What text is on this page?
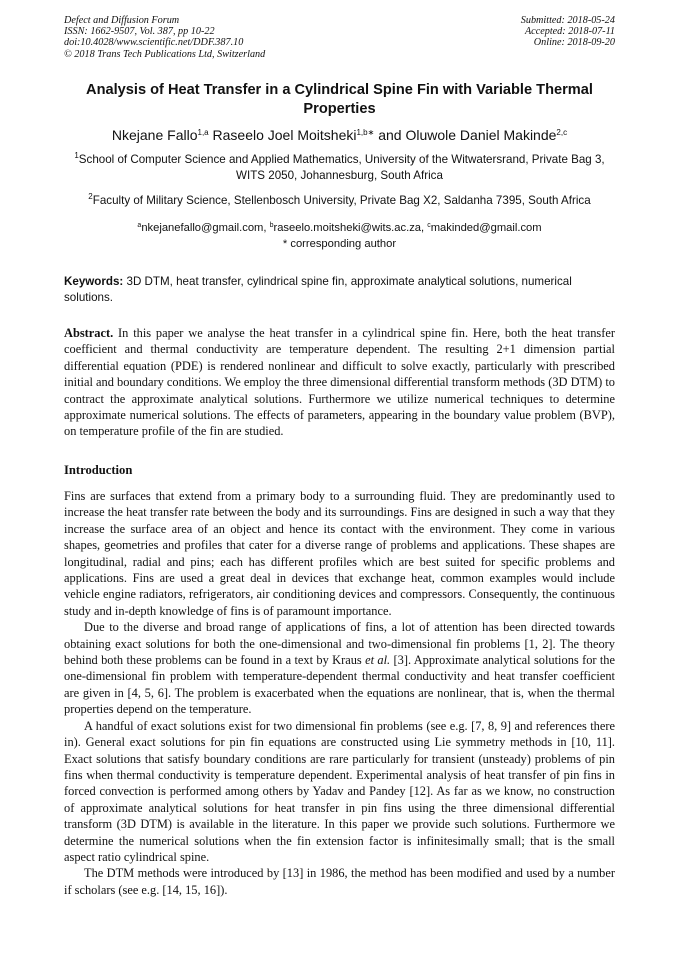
Defect and Diffusion Forum
ISSN: 1662-9507, Vol. 387, pp 10-22
doi:10.4028/www.scientific.net/DDF.387.10
© 2018 Trans Tech Publications Ltd, Switzerland
Submitted: 2018-05-24
Accepted: 2018-07-11
Online: 2018-09-20
Analysis of Heat Transfer in a Cylindrical Spine Fin with Variable Thermal Properties
Nkejane Fallo$^{1,a}$ Raseelo Joel Moitsheki$^{1,b∗}$ and Oluwole Daniel Makinde$^{2,c}$
$^1$School of Computer Science and Applied Mathematics, University of the Witwatersrand, Private Bag 3, WITS 2050, Johannesburg, South Africa
$^2$Faculty of Military Science, Stellenbosch University, Private Bag X2, Saldanha 7395, South Africa
$^a$nkejanefallo@gmail.com, $^b$raseelo.moitsheki@wits.ac.za, $^c$makinded@gmail.com
* corresponding author
Keywords: 3D DTM, heat transfer, cylindrical spine fin, approximate analytical solutions, numerical solutions.
Abstract. In this paper we analyse the heat transfer in a cylindrical spine fin. Here, both the heat transfer coefficient and thermal conductivity are temperature dependent. The resulting 2+1 dimension partial differential equation (PDE) is rendered nonlinear and difficult to solve exactly, particularly with prescribed initial and boundary conditions. We employ the three dimensional differential transform methods (3D DTM) to contract the approximate analytical solutions. Furthermore we utilize numerical techniques to determine approximate numerical solutions. The effects of parameters, appearing in the boundary value problem (BVP), on temperature profile of the fin are studied.
Introduction

Fins are surfaces that extend from a primary body to a surrounding fluid. They are predominantly used to increase the heat transfer rate between the body and its surroundings. Fins are designed in such a way that they increase the surface area of an object and hence its contact with the environment. They come in various shapes, geometries and profiles that cater for a diverse range of problems and applications. These shapes are longitudinal, radial and pins; each has different profiles which are best suited for specific problems and applications. Fins are used a great deal in devices that exchange heat, common examples would include vehicle engine radiators, refrigerators, air conditioning devices and compressors. Consequently, the continuous study and in-depth knowledge of fins is of paramount importance.

Due to the diverse and broad range of applications of fins, a lot of attention has been directed towards obtaining exact solutions for both the one-dimensional and two-dimensional fin problems [1, 2]. The theory behind both these problems can be found in a text by Kraus et al. [3]. Approximate analytical solutions for the one-dimensional fin problem with temperature-dependent thermal conductivity and heat transfer coefficient are given in [4, 5, 6]. The problem is exacerbated when the equations are nonlinear, that is, when the thermal properties depend on the temperature.

A handful of exact solutions exist for two dimensional fin problems (see e.g. [7, 8, 9] and references there in). General exact solutions for pin fin equations are constructed using Lie symmetry methods in [10, 11]. Exact solutions that satisfy boundary conditions are rare particularly for transient (unsteady) problems of pin fins when thermal conductivity is temperature dependent. Experimental analysis of heat transfer of pin fins in forced convection is performed among others by Yadav and Pandey [12]. As far as we know, no construction of approximate analytical solutions for heat transfer in pin fins using the three dimensional differential transform (3D DTM) is available in the literature. In this paper we provide such solutions. Furthermore we determine the numerical solutions when the fin extension factor is infinitesimally small; that is the small aspect ratio cylindrical spine.

The DTM methods were introduced by [13] in 1986, the method has been modified and used by a number if scholars (see e.g. [14, 15, 16]).
